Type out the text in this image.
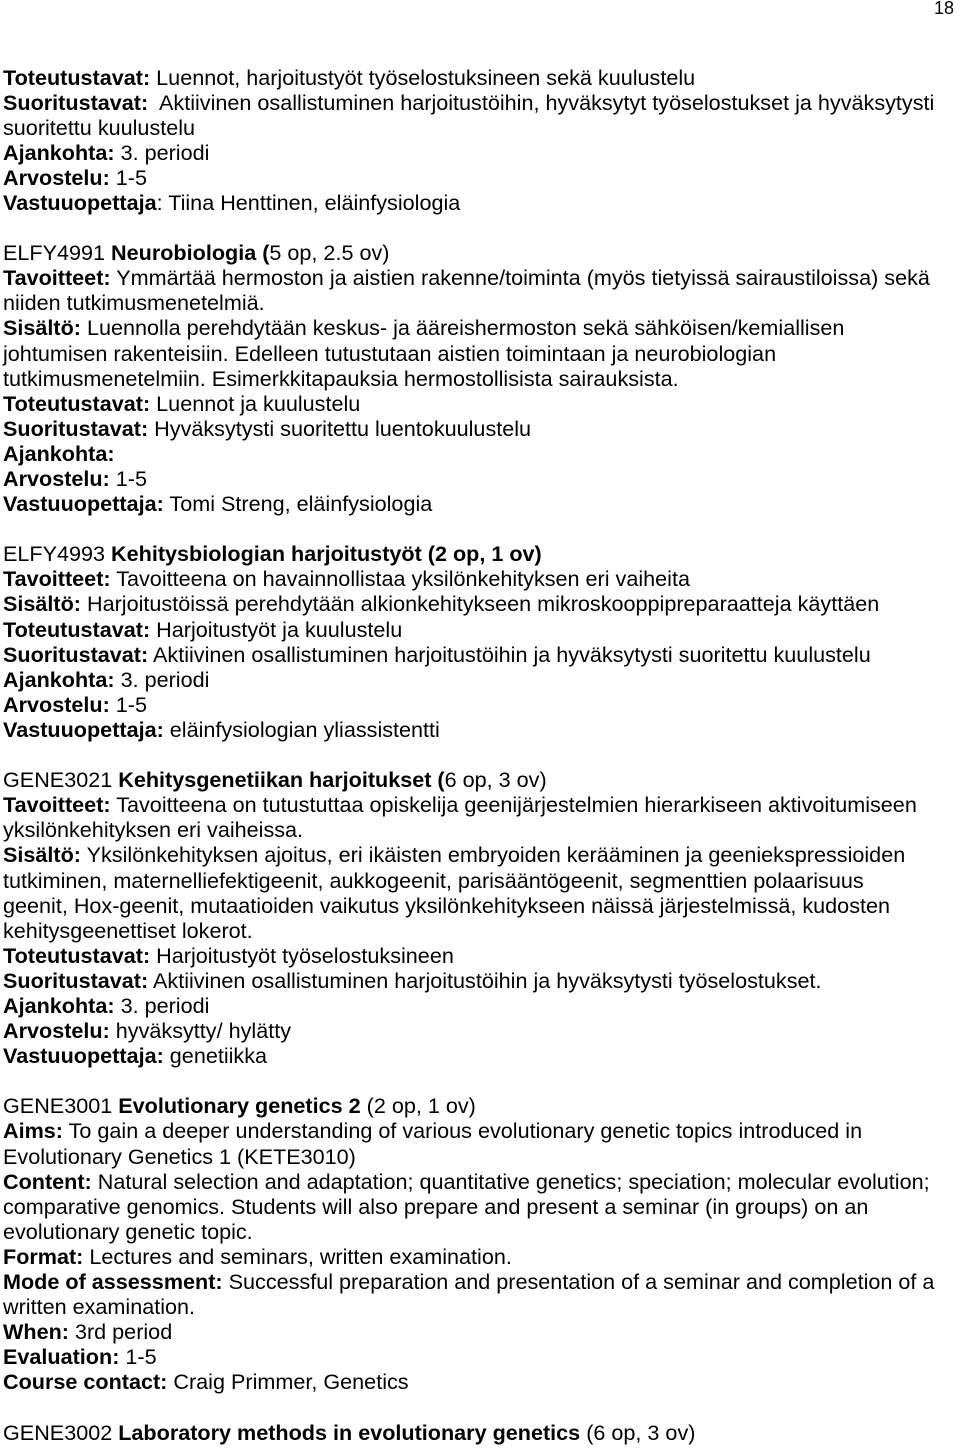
18
Toteutustavat: Luennot, harjoitustyöt työselostuksineen sekä kuulustelu
Suoritustavat:  Aktiivinen osallistuminen harjoitustöihin, hyväksytyt työselostukset ja hyväksytysti
suoritettu kuulustelu
Ajankohta: 3. periodi
Arvostelu: 1-5
Vastuuopettaja: Tiina Henttinen, eläinfysiologia
ELFY4991 Neurobiologia (5 op, 2.5 ov)
Tavoitteet: Ymmärtää hermoston ja aistien rakenne/toiminta (myös tietyissä sairaustiloissa) sekä
niiden tutkimusmenetelmiä.
Sisältö: Luennolla perehdytään keskus- ja ääreishermoston sekä sähköisen/kemiallisen
johtumisen rakenteisiin. Edelleen tutustutaan aistien toimintaan ja neurobiologian
tutkimusmenetelmiin. Esimerkkitapauksia hermostollisista sairauksista.
Toteutustavat: Luennot ja kuulustelu
Suoritustavat: Hyväksytysti suoritettu luentokuulustelu
Ajankohta:
Arvostelu: 1-5
Vastuuopettaja: Tomi Streng, eläinfysiologia
ELFY4993 Kehitysbiologian harjoitustyöt (2 op, 1 ov)
Tavoitteet: Tavoitteena on havainnollistaa yksilönkehityksen eri vaiheita
Sisältö: Harjoitustöissä perehdytään alkionkehitykseen mikroskooppipreparaatteja käyttäen
Toteutustavat: Harjoitustyöt ja kuulustelu
Suoritustavat: Aktiivinen osallistuminen harjoitustöihin ja hyväksytysti suoritettu kuulustelu
Ajankohta: 3. periodi
Arvostelu: 1-5
Vastuuopettaja: eläinfysiologian yliassistentti
GENE3021 Kehitysgenetiikan harjoitukset (6 op, 3 ov)
Tavoitteet: Tavoitteena on tutustuttaa opiskelija geenijärjestelmien hierarkiseen aktivoitumiseen
yksilönkehityksen eri vaiheissa.
Sisältö: Yksilönkehityksen ajoitus, eri ikäisten embryoiden kerääminen ja geeniekspressioiden
tutkiminen, maternelliefektigeenit, aukkogeenit, parisääntögeenit, segmenttien polaarisuus
geenit, Hox-geenit, mutaatioiden vaikutus yksilönkehitykseen näissä järjestelmissä, kudosten
kehitysgeenettiset lokerot.
Toteutustavat: Harjoitustyöt työselostuksineen
Suoritustavat: Aktiivinen osallistuminen harjoitustöihin ja hyväksytysti työselostukset.
Ajankohta: 3. periodi
Arvostelu: hyväksytty/ hylätty
Vastuuopettaja: genetiikka
GENE3001 Evolutionary genetics 2 (2 op, 1 ov)
Aims: To gain a deeper understanding of various evolutionary genetic topics introduced in
Evolutionary Genetics 1 (KETE3010)
Content: Natural selection and adaptation; quantitative genetics; speciation; molecular evolution;
comparative genomics. Students will also prepare and present a seminar (in groups) on an
evolutionary genetic topic.
Format: Lectures and seminars, written examination.
Mode of assessment: Successful preparation and presentation of a seminar and completion of a
written examination.
When: 3rd period
Evaluation: 1-5
Course contact: Craig Primmer, Genetics
GENE3002 Laboratory methods in evolutionary genetics (6 op, 3 ov)
